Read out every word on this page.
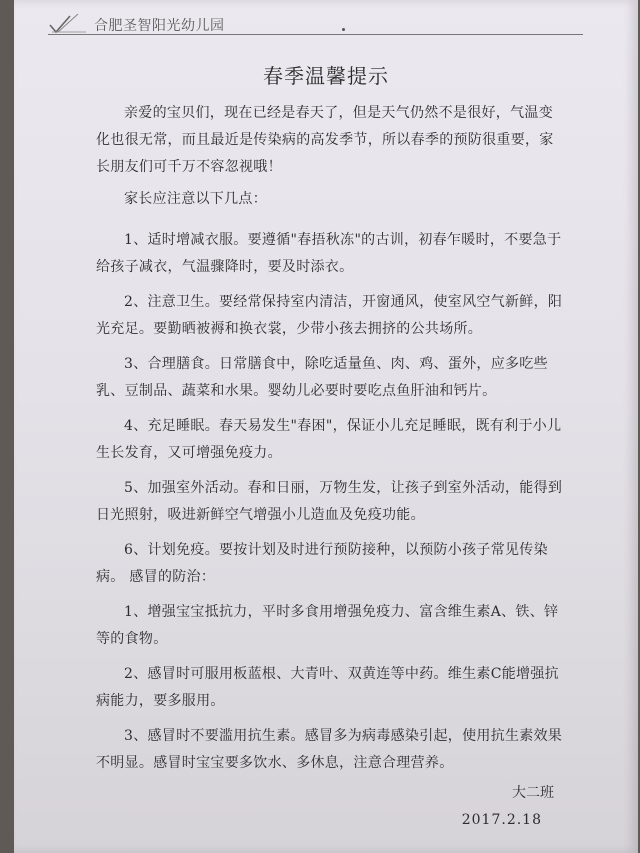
合肥圣智阳光幼儿园
春季温馨提示

亲爱的宝贝们，现在已经是春天了，但是天气仍然不是很好，气温变化也很无常，而且最近是传染病的高发季节，所以春季的预防很重要，家长朋友们可千万不容忽视哦！

家长应注意以下几点：

1、适时增减衣服。要遵循"春捂秋冻"的古训，初春乍暖时，不要急于给孩子减衣，气温骤降时，要及时添衣。

2、注意卫生。要经常保持室内清洁，开窗通风，使室风空气新鲜，阳光充足。要勤晒被褥和换衣裳，少带小孩去拥挤的公共场所。

3、合理膳食。日常膳食中，除吃适量鱼、肉、鸡、蛋外，应多吃些乳、豆制品、蔬菜和水果。婴幼儿必要时要吃点鱼肝油和钙片。

4、充足睡眠。春天易发生"春困"，保证小儿充足睡眠，既有利于小儿生长发育，又可增强免疫力。

5、加强室外活动。春和日丽，万物生发，让孩子到室外活动，能得到日光照射，吸进新鲜空气增强小儿造血及免疫功能。

6、计划免疫。要按计划及时进行预防接种，以预防小孩子常见传染病。 感冒的防治：

1、增强宝宝抵抗力，平时多食用增强免疫力、富含维生素A、铁、锌等的食物。

2、感冒时可服用板蓝根、大青叶、双黄连等中药。维生素C能增强抗病能力，要多服用。

3、感冒时不要滥用抗生素。感冒多为病毒感染引起，使用抗生素效果不明显。感冒时宝宝要多饮水、多休息，注意合理营养。

大二班
2017.2.18
